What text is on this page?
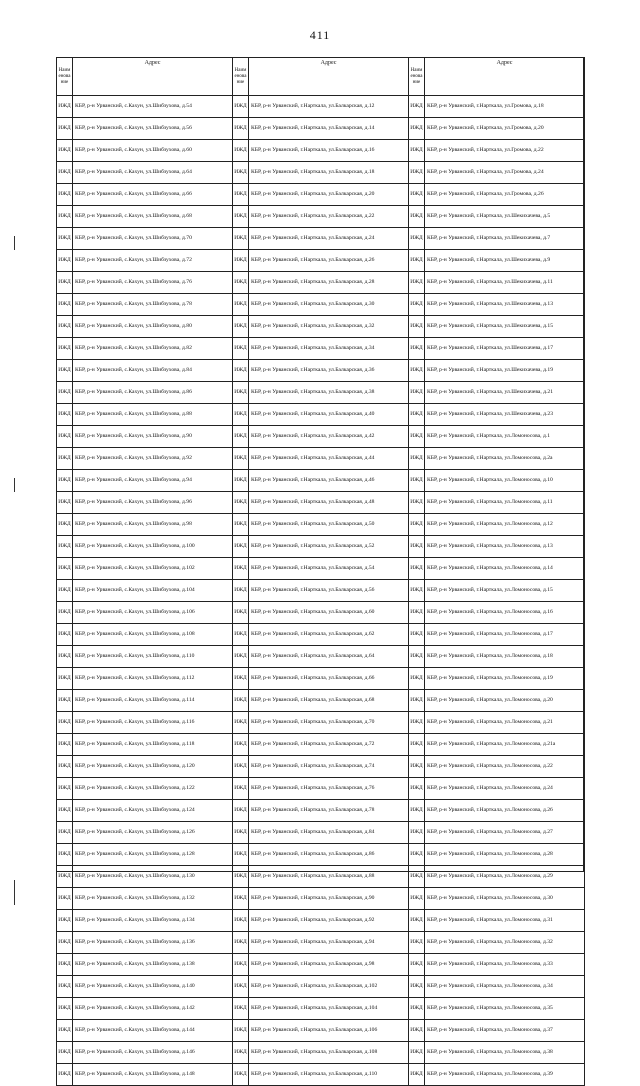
411
Наим енова ние	Адрес
ИЖД	КБР, р-н Урванский, с.Кахун, ул.Шибзухова, д.54
ИЖД	КБР, р-н Урванский, с.Кахун, ул.Шибзухова, д.56
ИЖД	КБР, р-н Урванский, с.Кахун, ул.Шибзухова, д.60
ИЖД	КБР, р-н Урванский, с.Кахун, ул.Шибзухова, д.64
ИЖД	КБР, р-н Урванский, с.Кахун, ул.Шибзухова, д.66
ИЖД	КБР, р-н Урванский, с.Кахун, ул.Шибзухова, д.68
ИЖД	КБР, р-н Урванский, с.Кахун, ул.Шибзухова, д.70
ИЖД	КБР, р-н Урванский, с.Кахун, ул.Шибзухова, д.72
ИЖД	КБР, р-н Урванский, с.Кахун, ул.Шибзухова, д.76
ИЖД	КБР, р-н Урванский, с.Кахун, ул.Шибзухова, д.78
ИЖД	КБР, р-н Урванский, с.Кахун, ул.Шибзухова, д.80
ИЖД	КБР, р-н Урванский, с.Кахун, ул.Шибзухова, д.82
ИЖД	КБР, р-н Урванский, с.Кахун, ул.Шибзухова, д.84
ИЖД	КБР, р-н Урванский, с.Кахун, ул.Шибзухова, д.86
ИЖД	КБР, р-н Урванский, с.Кахун, ул.Шибзухова, д.88
ИЖД	КБР, р-н Урванский, с.Кахун, ул.Шибзухова, д.90
ИЖД	КБР, р-н Урванский, с.Кахун, ул.Шибзухова, д.92
ИЖД	КБР, р-н Урванский, с.Кахун, ул.Шибзухова, д.94
ИЖД	КБР, р-н Урванский, с.Кахун, ул.Шибзухова, д.96
ИЖД	КБР, р-н Урванский, с.Кахун, ул.Шибзухова, д.98
ИЖД	КБР, р-н Урванский, с.Кахун, ул.Шибзухова, д.100
ИЖД	КБР, р-н Урванский, с.Кахун, ул.Шибзухова, д.102
ИЖД	КБР, р-н Урванский, с.Кахун, ул.Шибзухова, д.104
ИЖД	КБР, р-н Урванский, с.Кахун, ул.Шибзухова, д.106
ИЖД	КБР, р-н Урванский, с.Кахун, ул.Шибзухова, д.108
ИЖД	КБР, р-н Урванский, с.Кахун, ул.Шибзухова, д.110
ИЖД	КБР, р-н Урванский, с.Кахун, ул.Шибзухова, д.112
ИЖД	КБР, р-н Урванский, с.Кахун, ул.Шибзухова, д.114
ИЖД	КБР, р-н Урванский, с.Кахун, ул.Шибзухова, д.116
ИЖД	КБР, р-н Урванский, с.Кахун, ул.Шибзухова, д.118
ИЖД	КБР, р-н Урванский, с.Кахун, ул.Шибзухова, д.120
ИЖД	КБР, р-н Урванский, с.Кахун, ул.Шибзухова, д.122
ИЖД	КБР, р-н Урванский, с.Кахун, ул.Шибзухова, д.124
ИЖД	КБР, р-н Урванский, с.Кахун, ул.Шибзухова, д.126
ИЖД	КБР, р-н Урванский, с.Кахун, ул.Шибзухова, д.128
ИЖД	КБР, р-н Урванский, с.Кахун, ул.Шибзухова, д.130
ИЖД	КБР, р-н Урванский, с.Кахун, ул.Шибзухова, д.132
ИЖД	КБР, р-н Урванский, с.Кахун, ул.Шибзухова, д.134
ИЖД	КБР, р-н Урванский, с.Кахун, ул.Шибзухова, д.136
ИЖД	КБР, р-н Урванский, с.Кахун, ул.Шибзухова, д.138
ИЖД	КБР, р-н Урванский, с.Кахун, ул.Шибзухова, д.140
ИЖД	КБР, р-н Урванский, с.Кахун, ул.Шибзухова, д.142
ИЖД	КБР, р-н Урванский, с.Кахун, ул.Шибзухова, д.144
ИЖД	КБР, р-н Урванский, с.Кахун, ул.Шибзухова, д.146
ИЖД	КБР, р-н Урванский, с.Кахун, ул.Шибзухова, д.148
Наим енова ние	Адрес
ИЖД	КБР, р-н Урванский, г.Нарткала, ул.Балкарская, д.12
ИЖД	КБР, р-н Урванский, г.Нарткала, ул.Балкарская, д.14
ИЖД	КБР, р-н Урванский, г.Нарткала, ул.Балкарская, д.16
ИЖД	КБР, р-н Урванский, г.Нарткала, ул.Балкарская, д.18
ИЖД	КБР, р-н Урванский, г.Нарткала, ул.Балкарская, д.20
ИЖД	КБР, р-н Урванский, г.Нарткала, ул.Балкарская, д.22
ИЖД	КБР, р-н Урванский, г.Нарткала, ул.Балкарская, д.24
ИЖД	КБР, р-н Урванский, г.Нарткала, ул.Балкарская, д.26
ИЖД	КБР, р-н Урванский, г.Нарткала, ул.Балкарская, д.28
ИЖД	КБР, р-н Урванский, г.Нарткала, ул.Балкарская, д.30
ИЖД	КБР, р-н Урванский, г.Нарткала, ул.Балкарская, д.32
ИЖД	КБР, р-н Урванский, г.Нарткала, ул.Балкарская, д.34
ИЖД	КБР, р-н Урванский, г.Нарткала, ул.Балкарская, д.36
ИЖД	КБР, р-н Урванский, г.Нарткала, ул.Балкарская, д.38
ИЖД	КБР, р-н Урванский, г.Нарткала, ул.Балкарская, д.40
ИЖД	КБР, р-н Урванский, г.Нарткала, ул.Балкарская, д.42
ИЖД	КБР, р-н Урванский, г.Нарткала, ул.Балкарская, д.44
ИЖД	КБР, р-н Урванский, г.Нарткала, ул.Балкарская, д.46
ИЖД	КБР, р-н Урванский, г.Нарткала, ул.Балкарская, д.48
ИЖД	КБР, р-н Урванский, г.Нарткала, ул.Балкарская, д.50
ИЖД	КБР, р-н Урванский, г.Нарткала, ул.Балкарская, д.52
ИЖД	КБР, р-н Урванский, г.Нарткала, ул.Балкарская, д.54
ИЖД	КБР, р-н Урванский, г.Нарткала, ул.Балкарская, д.56
ИЖД	КБР, р-н Урванский, г.Нарткала, ул.Балкарская, д.60
ИЖД	КБР, р-н Урванский, г.Нарткала, ул.Балкарская, д.62
ИЖД	КБР, р-н Урванский, г.Нарткала, ул.Балкарская, д.64
ИЖД	КБР, р-н Урванский, г.Нарткала, ул.Балкарская, д.66
ИЖД	КБР, р-н Урванский, г.Нарткала, ул.Балкарская, д.68
ИЖД	КБР, р-н Урванский, г.Нарткала, ул.Балкарская, д.70
ИЖД	КБР, р-н Урванский, г.Нарткала, ул.Балкарская, д.72
ИЖД	КБР, р-н Урванский, г.Нарткала, ул.Балкарская, д.74
ИЖД	КБР, р-н Урванский, г.Нарткала, ул.Балкарская, д.76
ИЖД	КБР, р-н Урванский, г.Нарткала, ул.Балкарская, д.78
ИЖД	КБР, р-н Урванский, г.Нарткала, ул.Балкарская, д.84
ИЖД	КБР, р-н Урванский, г.Нарткала, ул.Балкарская, д.86
ИЖД	КБР, р-н Урванский, г.Нарткала, ул.Балкарская, д.88
ИЖД	КБР, р-н Урванский, г.Нарткала, ул.Балкарская, д.90
ИЖД	КБР, р-н Урванский, г.Нарткала, ул.Балкарская, д.92
ИЖД	КБР, р-н Урванский, г.Нарткала, ул.Балкарская, д.94
ИЖД	КБР, р-н Урванский, г.Нарткала, ул.Балкарская, д.98
ИЖД	КБР, р-н Урванский, г.Нарткала, ул.Балкарская, д.102
ИЖД	КБР, р-н Урванский, г.Нарткала, ул.Балкарская, д.104
ИЖД	КБР, р-н Урванский, г.Нарткала, ул.Балкарская, д.106
ИЖД	КБР, р-н Урванский, г.Нарткала, ул.Балкарская, д.108
ИЖД	КБР, р-н Урванский, г.Нарткала, ул.Балкарская, д.110
Наим енова ние	Адрес
ИЖД	КБР, р-н Урванский, г.Нарткала, ул.Громова, д.18
ИЖД	КБР, р-н Урванский, г.Нарткала, ул.Громова, д.20
ИЖД	КБР, р-н Урванский, г.Нарткала, ул.Громова, д.22
ИЖД	КБР, р-н Урванский, г.Нарткала, ул.Громова, д.24
ИЖД	КБР, р-н Урванский, г.Нарткала, ул.Громова, д.26
ИЖД	КБР, р-н Урванский, г.Нарткала, ул.Шекихачева, д.5
ИЖД	КБР, р-н Урванский, г.Нарткала, ул.Шекихачева, д.7
ИЖД	КБР, р-н Урванский, г.Нарткала, ул.Шекихачева, д.9
ИЖД	КБР, р-н Урванский, г.Нарткала, ул.Шекихачева, д.11
ИЖД	КБР, р-н Урванский, г.Нарткала, ул.Шекихачева, д.13
ИЖД	КБР, р-н Урванский, г.Нарткала, ул.Шекихачева, д.15
ИЖД	КБР, р-н Урванский, г.Нарткала, ул.Шекихачева, д.17
ИЖД	КБР, р-н Урванский, г.Нарткала, ул.Шекихачева, д.19
ИЖД	КБР, р-н Урванский, г.Нарткала, ул.Шекихачева, д.21
ИЖД	КБР, р-н Урванский, г.Нарткала, ул.Шекихачева, д.23
ИЖД	КБР, р-н Урванский, г.Нарткала, ул.Ломоносова, д.1
ИЖД	КБР, р-н Урванский, г.Нарткала, ул.Ломоносова, д.2а
ИЖД	КБР, р-н Урванский, г.Нарткала, ул.Ломоносова, д.10
ИЖД	КБР, р-н Урванский, г.Нарткала, ул.Ломоносова, д.11
ИЖД	КБР, р-н Урванский, г.Нарткала, ул.Ломоносова, д.12
ИЖД	КБР, р-н Урванский, г.Нарткала, ул.Ломоносова, д.13
ИЖД	КБР, р-н Урванский, г.Нарткала, ул.Ломоносова, д.14
ИЖД	КБР, р-н Урванский, г.Нарткала, ул.Ломоносова, д.15
ИЖД	КБР, р-н Урванский, г.Нарткала, ул.Ломоносова, д.16
ИЖД	КБР, р-н Урванский, г.Нарткала, ул.Ломоносова, д.17
ИЖД	КБР, р-н Урванский, г.Нарткала, ул.Ломоносова, д.18
ИЖД	КБР, р-н Урванский, г.Нарткала, ул.Ломоносова, д.19
ИЖД	КБР, р-н Урванский, г.Нарткала, ул.Ломоносова, д.20
ИЖД	КБР, р-н Урванский, г.Нарткала, ул.Ломоносова, д.21
ИЖД	КБР, р-н Урванский, г.Нарткала, ул.Ломоносова, д.21а
ИЖД	КБР, р-н Урванский, г.Нарткала, ул.Ломоносова, д.22
ИЖД	КБР, р-н Урванский, г.Нарткала, ул.Ломоносова, д.24
ИЖД	КБР, р-н Урванский, г.Нарткала, ул.Ломоносова, д.26
ИЖД	КБР, р-н Урванский, г.Нарткала, ул.Ломоносова, д.27
ИЖД	КБР, р-н Урванский, г.Нарткала, ул.Ломоносова, д.28
ИЖД	КБР, р-н Урванский, г.Нарткала, ул.Ломоносова, д.29
ИЖД	КБР, р-н Урванский, г.Нарткала, ул.Ломоносова, д.30
ИЖД	КБР, р-н Урванский, г.Нарткала, ул.Ломоносова, д.31
ИЖД	КБР, р-н Урванский, г.Нарткала, ул.Ломоносова, д.32
ИЖД	КБР, р-н Урванский, г.Нарткала, ул.Ломоносова, д.33
ИЖД	КБР, р-н Урванский, г.Нарткала, ул.Ломоносова, д.34
ИЖД	КБР, р-н Урванский, г.Нарткала, ул.Ломоносова, д.35
ИЖД	КБР, р-н Урванский, г.Нарткала, ул.Ломоносова, д.37
ИЖД	КБР, р-н Урванский, г.Нарткала, ул.Ломоносова, д.38
ИЖД	КБР, р-н Урванский, г.Нарткала, ул.Ломоносова, д.39
